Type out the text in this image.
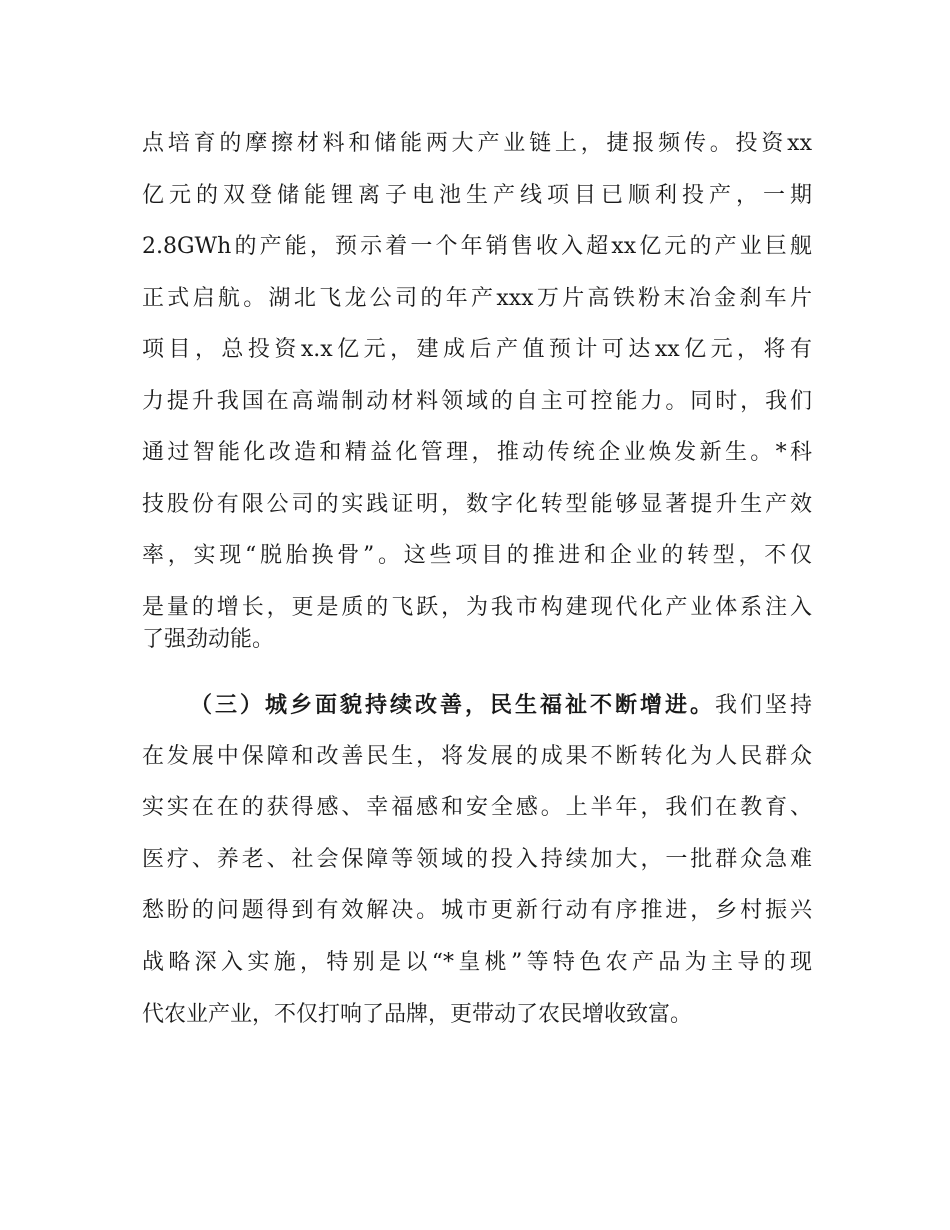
点培育的摩擦材料和储能两大产业链上，捷报频传。投资xx
亿元的双登储能锂离子电池生产线项目已顺利投产，一期
2.8GWh的产能，预示着一个年销售收入超xx亿元的产业巨舰
正式启航。湖北飞龙公司的年产xxx万片高铁粉末冶金刹车片
项目，总投资x.x亿元，建成后产值预计可达xx亿元，将有
力提升我国在高端制动材料领域的自主可控能力。同时，我们
通过智能化改造和精益化管理，推动传统企业焕发新生。*科
技股份有限公司的实践证明，数字化转型能够显著提升生产效
率，实现“脱胎换骨”。这些项目的推进和企业的转型，不仅
是量的增长，更是质的飞跃，为我市构建现代化产业体系注入
了强劲动能。
（三）城乡面貌持续改善，民生福祉不断增进。我们坚持
在发展中保障和改善民生，将发展的成果不断转化为人民群众
实实在在的获得感、幸福感和安全感。上半年，我们在教育、
医疗、养老、社会保障等领域的投入持续加大，一批群众急难
愁盼的问题得到有效解决。城市更新行动有序推进，乡村振兴
战略深入实施，特别是以“*皇桃”等特色农产品为主导的现
代农业产业，不仅打响了品牌，更带动了农民增收致富。
